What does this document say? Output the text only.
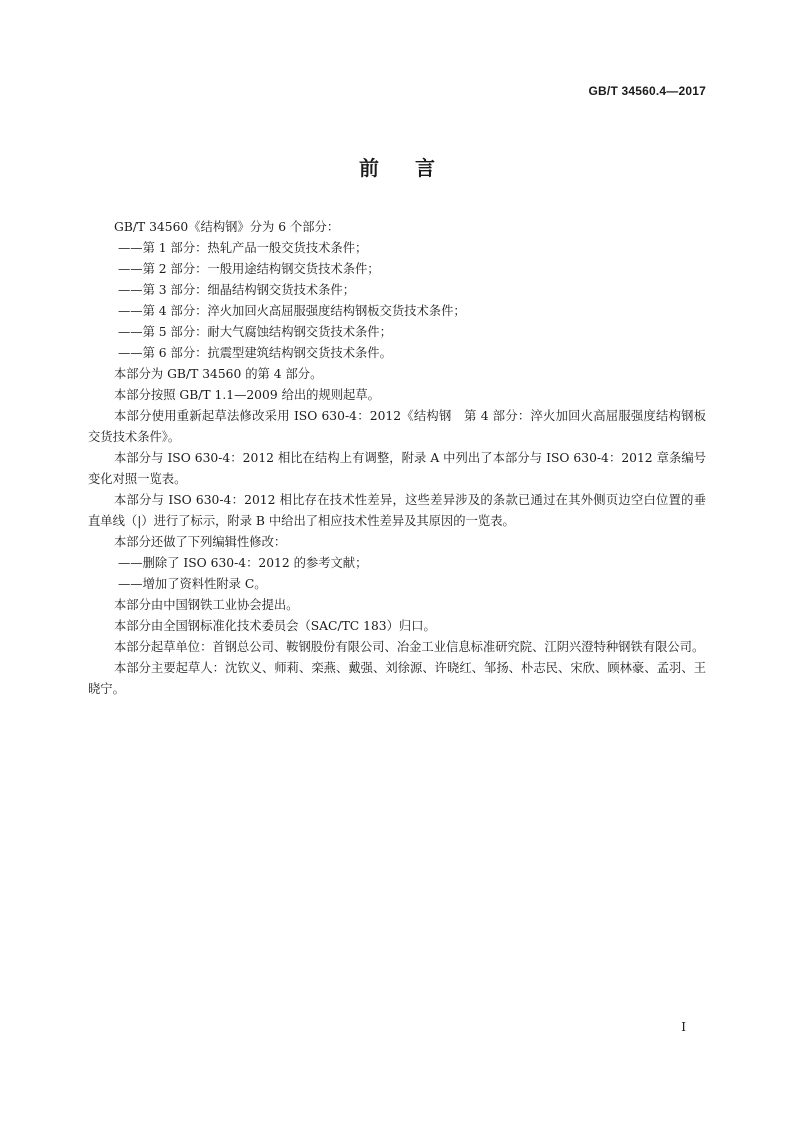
GB/T 34560.4—2017
前 言

GB/T 34560《结构钢》分为 6 个部分：

——第 1 部分：热轧产品一般交货技术条件；

——第 2 部分：一般用途结构钢交货技术条件；

——第 3 部分：细晶结构钢交货技术条件；

——第 4 部分：淬火加回火高屈服强度结构钢板交货技术条件；

——第 5 部分：耐大气腐蚀结构钢交货技术条件；

——第 6 部分：抗震型建筑结构钢交货技术条件。

本部分为 GB/T 34560 的第 4 部分。

本部分按照 GB/T 1.1—2009 给出的规则起草。

本部分使用重新起草法修改采用 ISO 630-4：2012《结构钢　第 4 部分：淬火加回火高屈服强度结构钢板交货技术条件》。

本部分与 ISO 630-4：2012 相比在结构上有调整，附录 A 中列出了本部分与 ISO 630-4：2012 章条编号变化对照一览表。

本部分与 ISO 630-4：2012 相比存在技术性差异，这些差异涉及的条款已通过在其外侧页边空白位置的垂直单线（|）进行了标示，附录 B 中给出了相应技术性差异及其原因的一览表。

本部分还做了下列编辑性修改：

——删除了 ISO 630-4：2012 的参考文献；

——增加了资料性附录 C。

本部分由中国钢铁工业协会提出。

本部分由全国钢标准化技术委员会（SAC/TC 183）归口。

本部分起草单位：首钢总公司、鞍钢股份有限公司、冶金工业信息标准研究院、江阴兴澄特种钢铁有限公司。

本部分主要起草人：沈钦义、师莉、栾燕、戴强、刘徐源、许晓红、邹扬、朴志民、宋欣、顾林豪、孟羽、王晓宁。

I
